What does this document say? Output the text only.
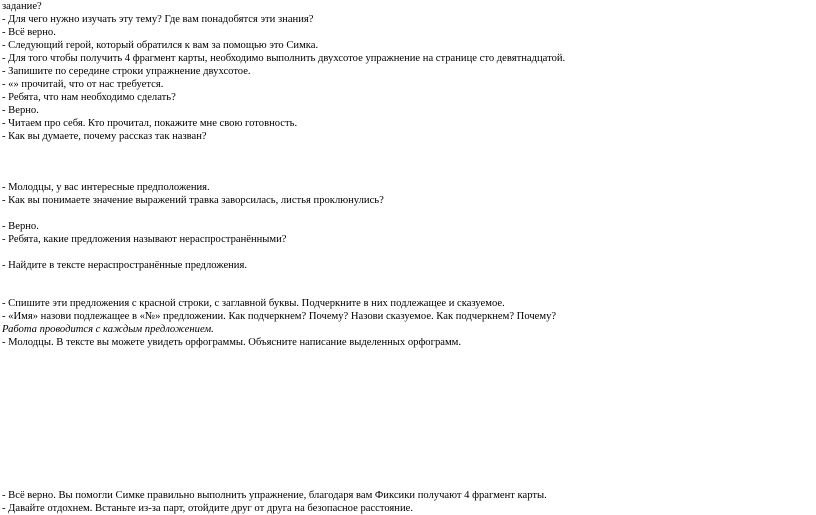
задание?

- Для чего нужно изучать эту тему? Где вам понадобятся эти знания?

- Всё верно.

- Следующий герой, который обратился к вам за помощью это Симка.

- Для того чтобы получить 4 фрагмент карты, необходимо выполнить двухсотое упражнение на странице сто девятнадцатой.

- Запишите по середине строки упражнение двухсотое.

- «» прочитай, что от нас требуется.

- Ребята, что нам необходимо сделать?

- Верно.

- Читаем про себя. Кто прочитал, покажите мне свою готовность.

- Как вы думаете, почему рассказ так назван?

- Молодцы, у вас интересные предположения.

- Как вы понимаете значение выражений травка заворсилась, листья проклюнулись?

- Верно.

- Ребята, какие предложения называют нераспространёнными?

- Найдите в тексте нераспространённые предложения.

- Спишите эти предложения с красной строки, с заглавной буквы. Подчеркните в них подлежащее и сказуемое.

- «Имя» назови подлежащее в «№» предложении. Как подчеркнем? Почему? Назови сказуемое. Как подчеркнем? Почему?

Работа проводится с каждым предложением.

- Молодцы. В тексте вы можете увидеть орфограммы. Объясните написание выделенных орфограмм.

- Всё верно. Вы помогли Симке правильно выполнить упражнение, благодаря вам Фиксики получают 4 фрагмент карты.

- Давайте отдохнем. Встаньте из-за парт, отойдите друг от друга на безопасное расстояние.
